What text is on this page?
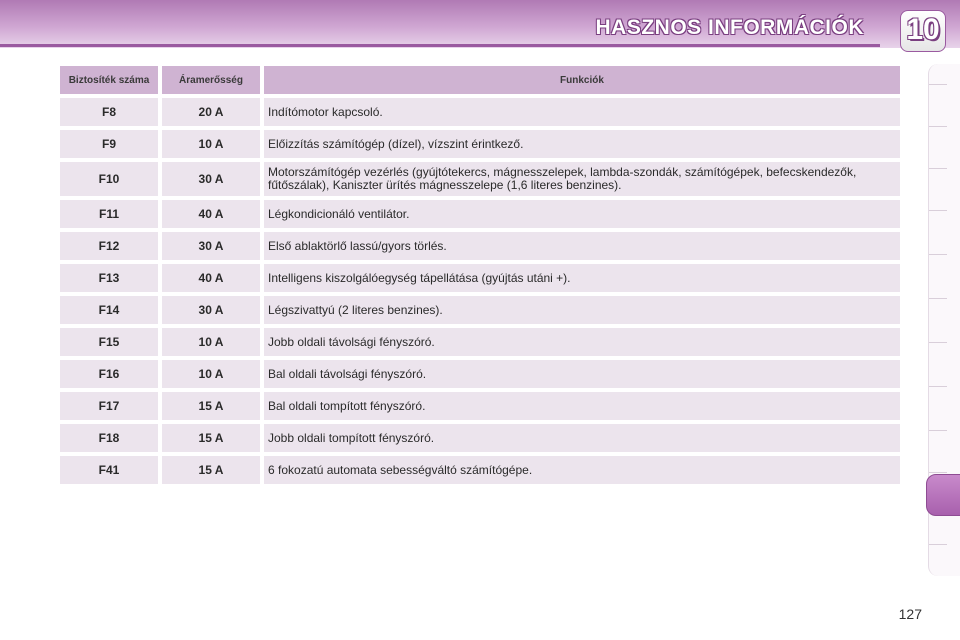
HASZNOS INFORMÁCIÓK 10
Biztosíték száma	Áramerősség	Funkciók
F8	20 A	Indítómotor kapcsoló.
F9	10 A	Előizzítás számítógép (dízel), vízszint érintkező.
F10	30 A	Motorszámítógép vezérlés (gyújtótekercs, mágnesszelepek, lambda-szondák, számítógépek, befecskendezők, fűtőszálak), Kaniszter ürítés mágnesszelepe (1,6 literes benzines).
F11	40 A	Légkondicionáló ventilátor.
F12	30 A	Első ablaktörlő lassú/gyors törlés.
F13	40 A	Intelligens kiszolgálóegység tápellátása (gyújtás utáni +).
F14	30 A	Légszivattyú (2 literes benzines).
F15	10 A	Jobb oldali távolsági fényszóró.
F16	10 A	Bal oldali távolsági fényszóró.
F17	15 A	Bal oldali tompított fényszóró.
F18	15 A	Jobb oldali tompított fényszóró.
F41	15 A	6 fokozatú automata sebességváltó számítógépe.
127
